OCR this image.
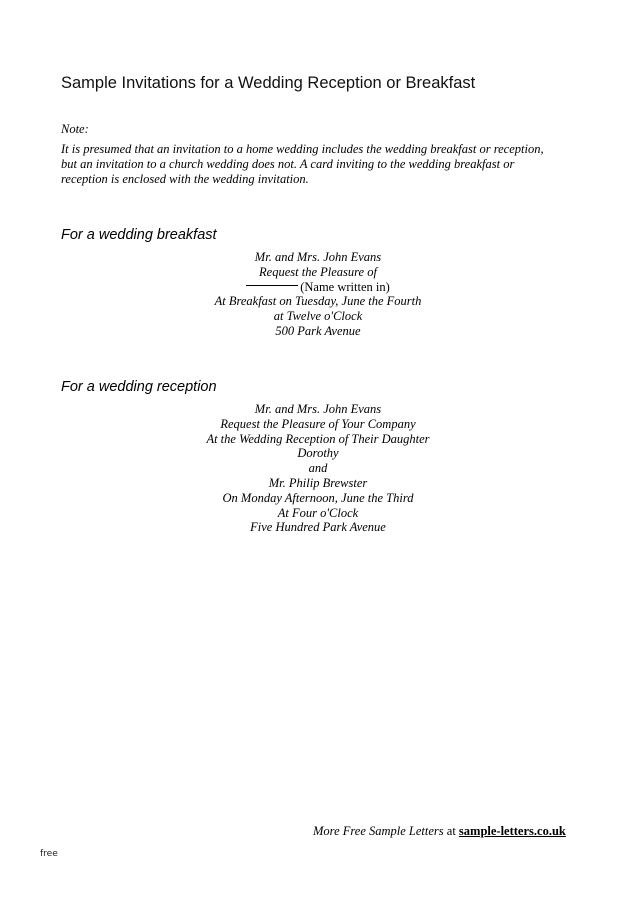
Sample Invitations for a Wedding Reception or Breakfast
Note:
It is presumed that an invitation to a home wedding includes the wedding breakfast or reception,
but an invitation to a church wedding does not. A card inviting to the wedding breakfast or
reception is enclosed with the wedding invitation.
For a wedding breakfast
Mr. and Mrs. John Evans
Request the Pleasure of
(Name written in)
At Breakfast on Tuesday, June the Fourth
at Twelve o'Clock
500 Park Avenue
For a wedding reception
Mr. and Mrs. John Evans
Request the Pleasure of Your Company
At the Wedding Reception of Their Daughter
Dorothy
and
Mr. Philip Brewster
On Monday Afternoon, June the Third
At Four o'Clock
Five Hundred Park Avenue
More Free Sample Letters at sample-letters.co.uk
free
